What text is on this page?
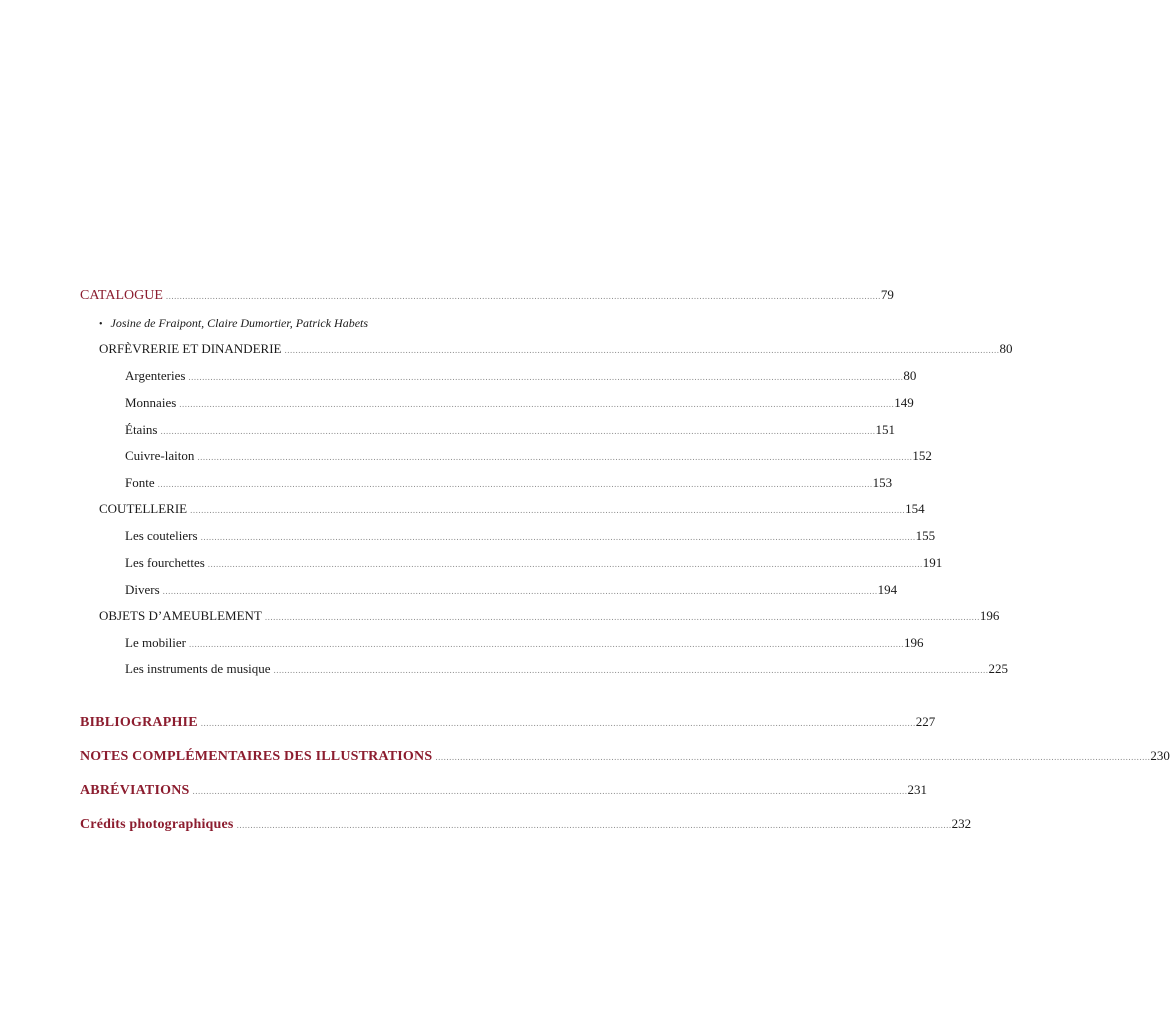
CATALOGUE .................................................................................................................................................................................................................................................................... 79
• Josine de Fraipont, Claire Dumortier, Patrick Habets
ORFÈVRERIE ET DINANDERIE .................................................................................................................................................................................................................................................................... 80
Argenteries .................................................................................................................................................................................................................................................................... 80
Monnaies .................................................................................................................................................................................................................................................................... 149
Étains .................................................................................................................................................................................................................................................................... 151
Cuivre-laiton .................................................................................................................................................................................................................................................................... 152
Fonte .................................................................................................................................................................................................................................................................... 153
COUTELLERIE .................................................................................................................................................................................................................................................................... 154
Les couteliers .................................................................................................................................................................................................................................................................... 155
Les fourchettes .................................................................................................................................................................................................................................................................... 191
Divers .................................................................................................................................................................................................................................................................... 194
OBJETS D’AMEUBLEMENT .................................................................................................................................................................................................................................................................... 196
Le mobilier .................................................................................................................................................................................................................................................................... 196
Les instruments de musique .................................................................................................................................................................................................................................................................... 225
BIBLIOGRAPHIE .................................................................................................................................................................................................................................................................... 227
NOTES COMPLÉMENTAIRES DES ILLUSTRATIONS .................................................................................................................................................................................................................................................................... 230
ABRÉVIATIONS .................................................................................................................................................................................................................................................................... 231
Crédits photographiques .................................................................................................................................................................................................................................................................... 232
